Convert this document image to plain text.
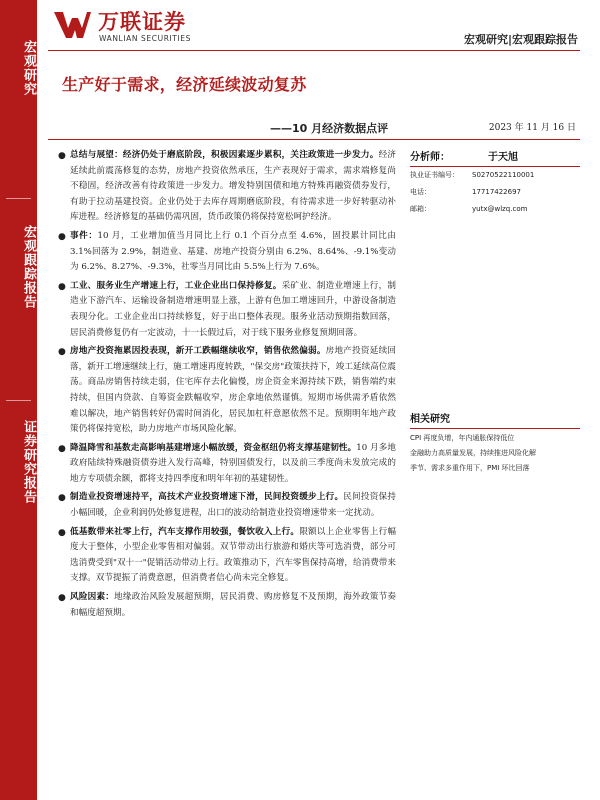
宏观研究
宏观跟踪报告
证券研究报告
万联证券
WANLIAN SECURITIES	宏观研究|宏观跟踪报告
生产好于需求，经济延续波动复苏
——10 月经济数据点评	2023 年 11 月 16 日
● 总结与展望：经济仍处于磨底阶段，积极因素逐步累积，关注政策进一步发力。经济延续此前震荡修复的态势，房地产投资依然承压，生产表现好于需求，需求端修复尚不稳固，经济改善有待政策进一步发力。增发特别国债和地方特殊再融资债券发行，有助于拉动基建投资。企业仍处于去库存周期磨底阶段，有待需求进一步好转驱动补库进程。经济修复的基础仍需巩固，货币政策仍将保持宽松呵护经济。
● 事件：10 月，工业增加值当月同比上行 0.1 个百分点至 4.6%，固投累计同比由 3.1%回落为 2.9%，制造业、基建、房地产投资分别由 6.2%、8.64%、-9.1%变动为 6.2%、8.27%、-9.3%，社零当月同比由 5.5%上行为 7.6%。
● 工业、服务业生产增速上行，工业企业出口保持修复。采矿业、制造业增速上行，制造业下游汽车、运输设备制造增速明显上涨，上游有色加工增速回升，中游设备制造表现分化。工业企业出口持续修复，好于出口整体表现。服务业活动预期指数回落，居民消费修复仍有一定波动，十一长假过后，对于线下服务业修复预期回落。
● 房地产投资拖累因投表现，新开工跌幅继续收窄，销售依然偏弱。房地产投资延续回落，新开工增速继续上行，施工增速再度转跌，"保交房"政策扶持下，竣工延续高位震荡。商品房销售持续走弱，住宅库存去化偏慢，房企资金来源持续下跌，销售端约束持续，但国内贷款、自筹资金跌幅收窄，房企拿地依然谨慎。短期市场供需矛盾依然难以解决，地产销售转好仍需时间消化，居民加杠杆意愿依然不足。预期明年地产政策仍将保持宽松，助力房地产市场风险化解。
● 降温降雪和基数走高影响基建增速小幅放缓，资金枢纽仍将支撑基建韧性。10 月多地政府陆续特殊融资债券进入发行高峰，特别国债发行，以及前三季度尚未发放完成的地方专项债余额，都将支持四季度和明年年初的基建韧性。
● 制造业投资增速持平，高技术产业投资增速下滑，民间投资缓步上行。民间投资保持小幅回暖，企业利润仍处修复进程，出口的波动给制造业投资增速带来一定扰动。
● 低基数带来社零上行，汽车支撑作用较强，餐饮收入上行。限额以上企业零售上行幅度大于整体，小型企业零售相对偏弱。双节带动出行旅游和婚庆等可选消费，部分可选消费受到"双十一"促销活动带动上行。政策推动下，汽车零售保持高增，给消费带来支撑。双节提振了消费意愿，但消费者信心尚未完全修复。
● 风险因素：地缘政治风险发展超预期，居民消费、购房修复不及预期，海外政策节奏和幅度超预期。
分析师：	于天旭
执业证书编号： S0270522110001
电话：	17717422697
邮箱：	yutx@wlzq.com
相关研究
CPI 再度负增，年内通胀保持低位
金融助力高质量发展，持续推进风险化解
季节、需求多重作用下，PMI 环比回落
